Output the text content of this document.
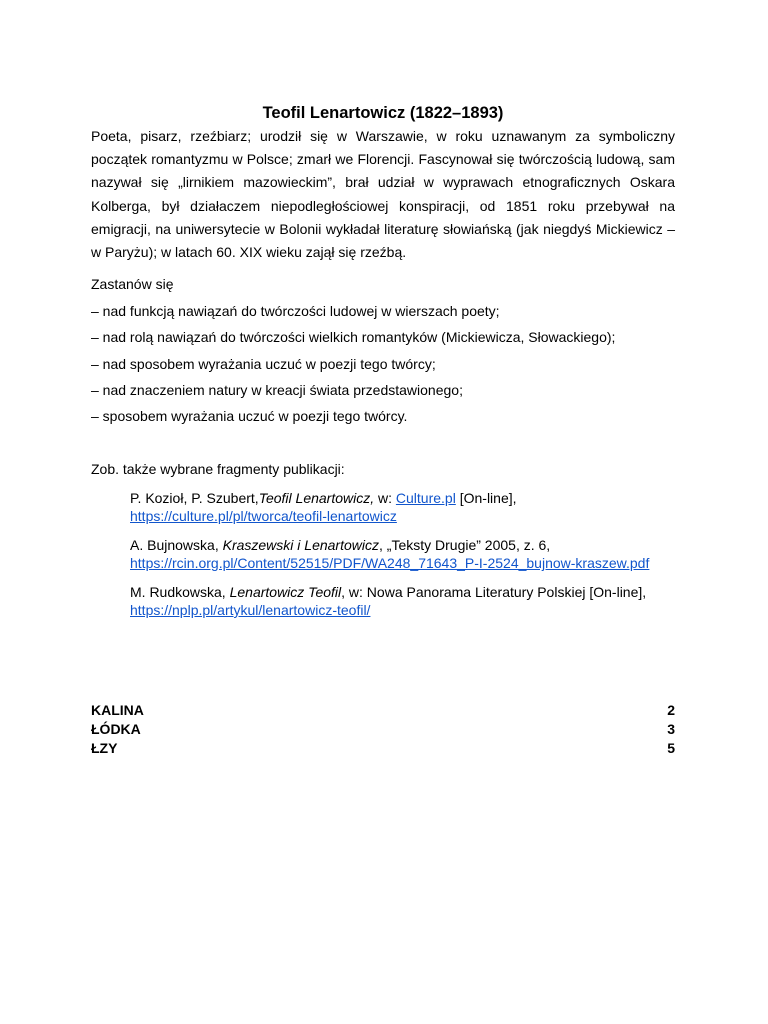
Teofil Lenartowicz (1822–1893)

Poeta, pisarz, rzeźbiarz; urodził się w Warszawie, w roku uznawanym za symboliczny początek romantyzmu w Polsce; zmarł we Florencji. Fascynował się twórczością ludową, sam nazywał się „lirnikiem mazowieckim”, brał udział w wyprawach etnograficznych Oskara Kolberga, był działaczem niepodległościowej konspiracji, od 1851 roku przebywał na emigracji, na uniwersytecie w Bolonii wykładał literaturę słowiańską (jak niegdyś Mickiewicz – w Paryżu); w latach 60. XIX wieku zajął się rzeźbą.

Zastanów się
– nad funkcją nawiązań do twórczości ludowej w wierszach poety;
– nad rolą nawiązań do twórczości wielkich romantyków (Mickiewicza, Słowackiego);
– nad sposobem wyrażania uczuć w poezji tego twórcy;
– nad znaczeniem natury w kreacji świata przedstawionego;
– sposobem wyrażania uczuć w poezji tego twórcy.
Zob. także wybrane fragmenty publikacji:
P. Kozioł, P. Szubert,Teofil Lenartowicz, w: Culture.pl [On-line],
https://culture.pl/pl/tworca/teofil-lenartowicz
A. Bujnowska, Kraszewski i Lenartowicz, „Teksty Drugie” 2005, z. 6,
https://rcin.org.pl/Content/52515/PDF/WA248_71643_P-I-2524_bujnow-kraszew.pdf
M. Rudkowska, Lenartowicz Teofil, w: Nowa Panorama Literatury Polskiej [On-line],
https://nplp.pl/artykul/lenartowicz-teofil/
KALINA	2
ŁÓDKA	3
ŁZY	5
